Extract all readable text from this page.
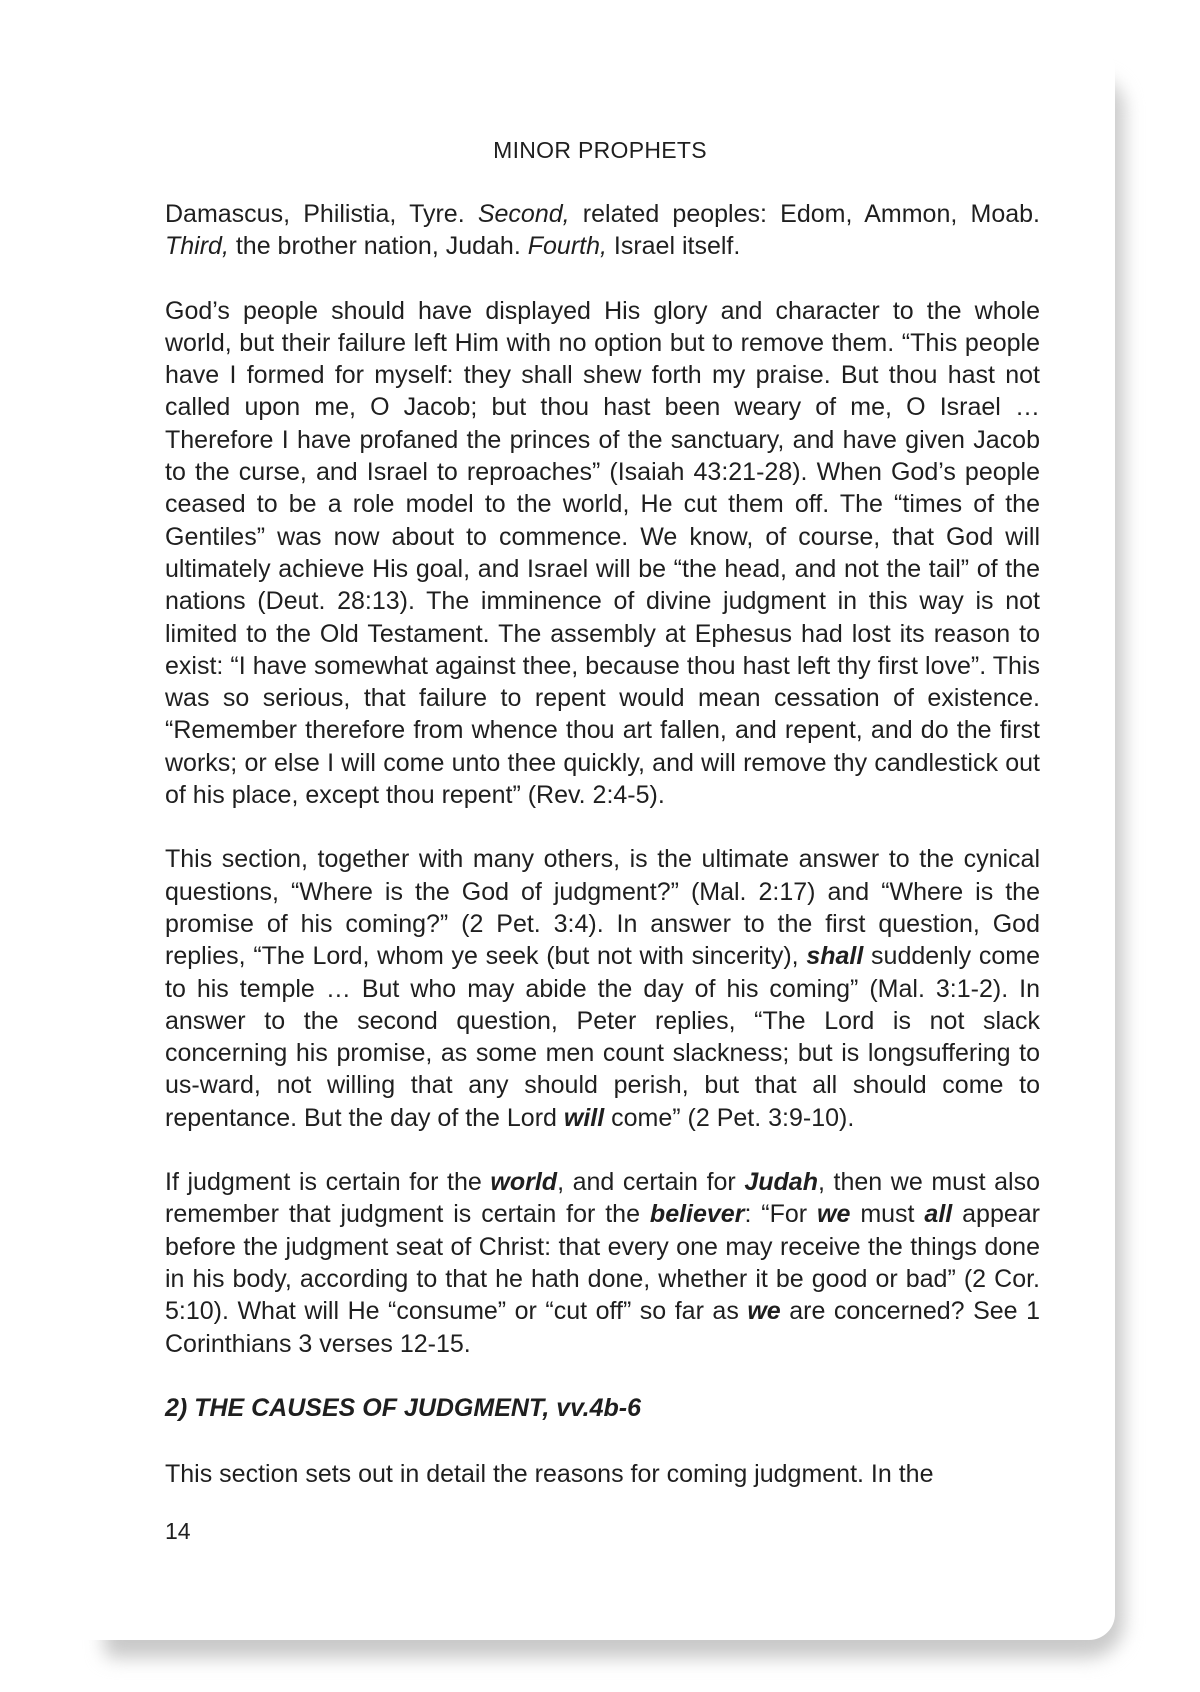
MINOR PROPHETS

Damascus, Philistia, Tyre. Second, related peoples: Edom, Ammon, Moab. Third, the brother nation, Judah. Fourth, Israel itself.

God’s people should have displayed His glory and character to the whole world, but their failure left Him with no option but to remove them. “This people have I formed for myself: they shall shew forth my praise. But thou hast not called upon me, O Jacob; but thou hast been weary of me, O Israel … Therefore I have profaned the princes of the sanctuary, and have given Jacob to the curse, and Israel to reproaches” (Isaiah 43:21-28). When God’s people ceased to be a role model to the world, He cut them off. The “times of the Gentiles” was now about to commence. We know, of course, that God will ultimately achieve His goal, and Israel will be “the head, and not the tail” of the nations (Deut. 28:13). The imminence of divine judgment in this way is not limited to the Old Testament. The assembly at Ephesus had lost its reason to exist: “I have somewhat against thee, because thou hast left thy first love”. This was so serious, that failure to repent would mean cessation of existence. “Remember therefore from whence thou art fallen, and repent, and do the first works; or else I will come unto thee quickly, and will remove thy candlestick out of his place, except thou repent” (Rev. 2:4-5).

This section, together with many others, is the ultimate answer to the cynical questions, “Where is the God of judgment?” (Mal. 2:17) and “Where is the promise of his coming?” (2 Pet. 3:4). In answer to the first question, God replies, “The Lord, whom ye seek (but not with sincerity), shall suddenly come to his temple … But who may abide the day of his coming” (Mal. 3:1-2). In answer to the second question, Peter replies, “The Lord is not slack concerning his promise, as some men count slackness; but is longsuffering to us-ward, not willing that any should perish, but that all should come to repentance. But the day of the Lord will come” (2 Pet. 3:9-10).

If judgment is certain for the world, and certain for Judah, then we must also remember that judgment is certain for the believer: “For we must all appear before the judgment seat of Christ: that every one may receive the things done in his body, according to that he hath done, whether it be good or bad” (2 Cor. 5:10). What will He “consume” or “cut off” so far as we are concerned? See 1 Corinthians 3 verses 12-15.

2) THE CAUSES OF JUDGMENT, vv.4b-6

This section sets out in detail the reasons for coming judgment. In the

14
